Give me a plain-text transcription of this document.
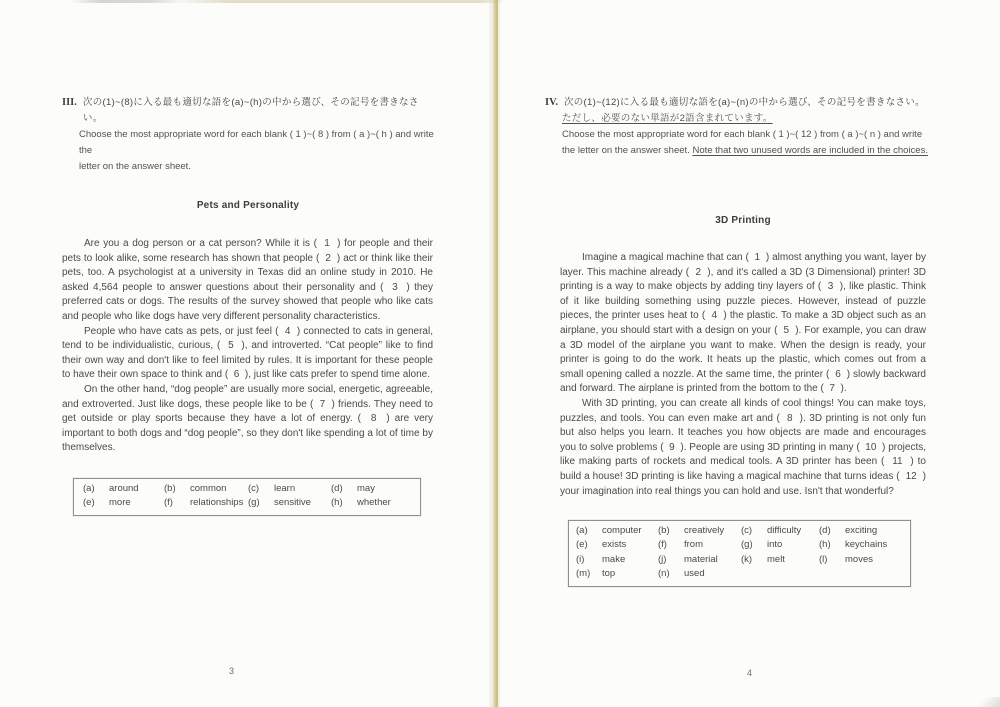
III. 次の(1)~(8)に入る最も適切な語を(a)~(h)の中から選び、その記号を書きなさい。
Choose the most appropriate word for each blank ( 1 )~( 8 ) from ( a )~( h ) and write the
letter on the answer sheet.
Pets and Personality

Are you a dog person or a cat person? While it is (  1  ) for people and their pets to look alike, some research has shown that people (  2  ) act or think like their pets, too. A psychologist at a university in Texas did an online study in 2010. He asked 4,564 people to answer questions about their personality and (  3  ) they preferred cats or dogs. The results of the survey showed that people who like cats and people who like dogs have very different personality characteristics.

People who have cats as pets, or just feel (  4  ) connected to cats in general, tend to be individualistic, curious, (  5  ), and introverted. “Cat people” like to find their own way and don't like to feel limited by rules. It is important for these people to have their own space to think and (  6  ), just like cats prefer to spend time alone.

On the other hand, “dog people” are usually more social, energetic, agreeable, and extroverted. Just like dogs, these people like to be (  7  ) friends. They need to get outside or play sports because they have a lot of energy. (  8  ) are very important to both dogs and “dog people”, so they don't like spending a lot of time by themselves.

(a) around	(b) common	(c) learn	(d) may
(e) more	(f) relationships (g) sensitive	(h) whether
3
IV. 次の(1)~(12)に入る最も適切な語を(a)~(n)の中から選び、その記号を書きなさい。
ただし、必要のない単語が2語含まれています。
Choose the most appropriate word for each blank ( 1 )~( 12 ) from ( a )~( n ) and write
the letter on the answer sheet. Note that two unused words are included in the choices.
3D Printing

Imagine a magical machine that can (  1  ) almost anything you want, layer by layer. This machine already (  2  ), and it's called a 3D (3 Dimensional) printer! 3D printing is a way to make objects by adding tiny layers of (  3  ), like plastic. Think of it like building something using puzzle pieces. However, instead of puzzle pieces, the printer uses heat to (  4  ) the plastic. To make a 3D object such as an airplane, you should start with a design on your (  5  ). For example, you can draw a 3D model of the airplane you want to make. When the design is ready, your printer is going to do the work. It heats up the plastic, which comes out from a small opening called a nozzle. At the same time, the printer (  6  ) slowly backward and forward. The airplane is printed from the bottom to the (  7  ).

With 3D printing, you can create all kinds of cool things! You can make toys, puzzles, and tools. You can even make art and (  8  ). 3D printing is not only fun but also helps you learn. It teaches you how objects are made and encourages you to solve problems (  9  ). People are using 3D printing in many (  10  ) projects, like making parts of rockets and medical tools. A 3D printer has been (  11  ) to build a house! 3D printing is like having a magical machine that turns ideas (  12  ) your imagination into real things you can hold and use. Isn't that wonderful?

(a) computer	(b) creatively	(c) difficulty	(d) exciting
(e) exists	(f) from	(g) into	(h) keychains
(i) make	(j) material	(k) melt	(l) moves
(m) top	(n) used
4
